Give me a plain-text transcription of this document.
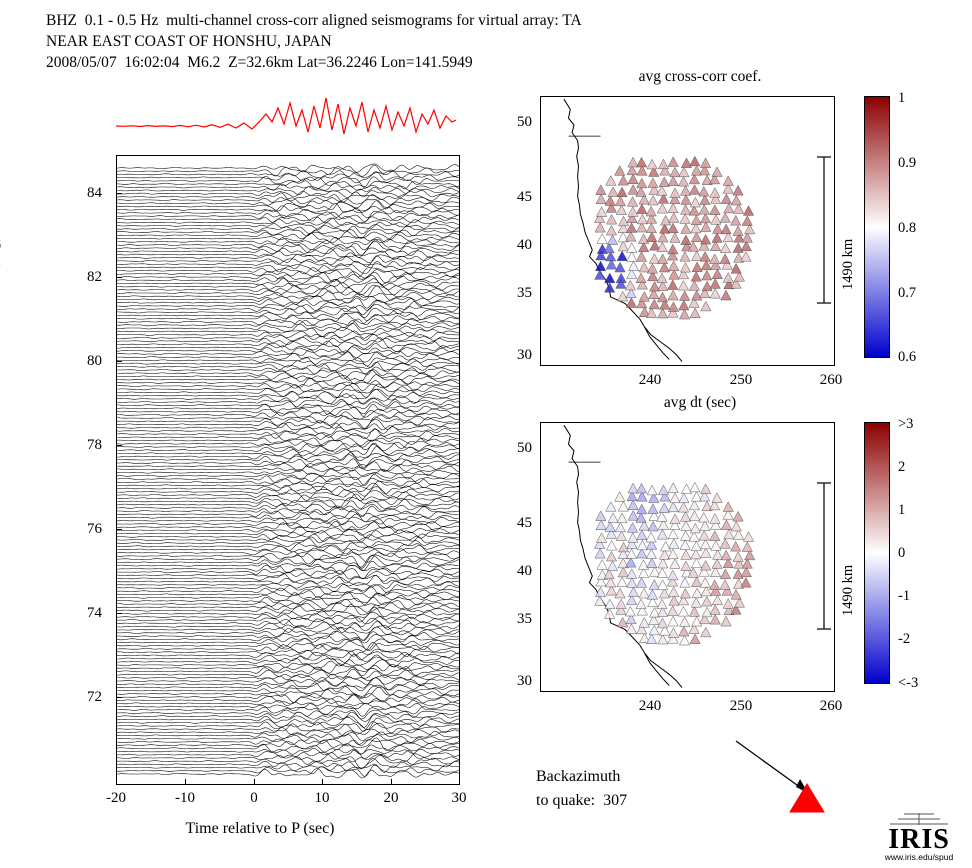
BHZ  0.1 - 0.5 Hz  multi-channel cross-corr aligned seismograms for virtual array: TA
NEAR EAST COAST OF HONSHU, JAPAN
2008/05/07  16:02:04  M6.2  Z=32.6km Lat=36.2246 Lon=141.5949
72
74
76
78
80
82
84
-20	-10	0	10	20	30
Time relative to P (sec)
avg cross-corr coef.
30
35
40
45
50
240	250	260
1490 km
1
0.9
0.8
0.7
0.6
avg dt (sec)
30
35
40
45
50
240	250	260
1490 km
>3
2
1
0
-1
-2
<-3
Backazimuth
to quake:  307
IRIS
www.iris.edu/spud
